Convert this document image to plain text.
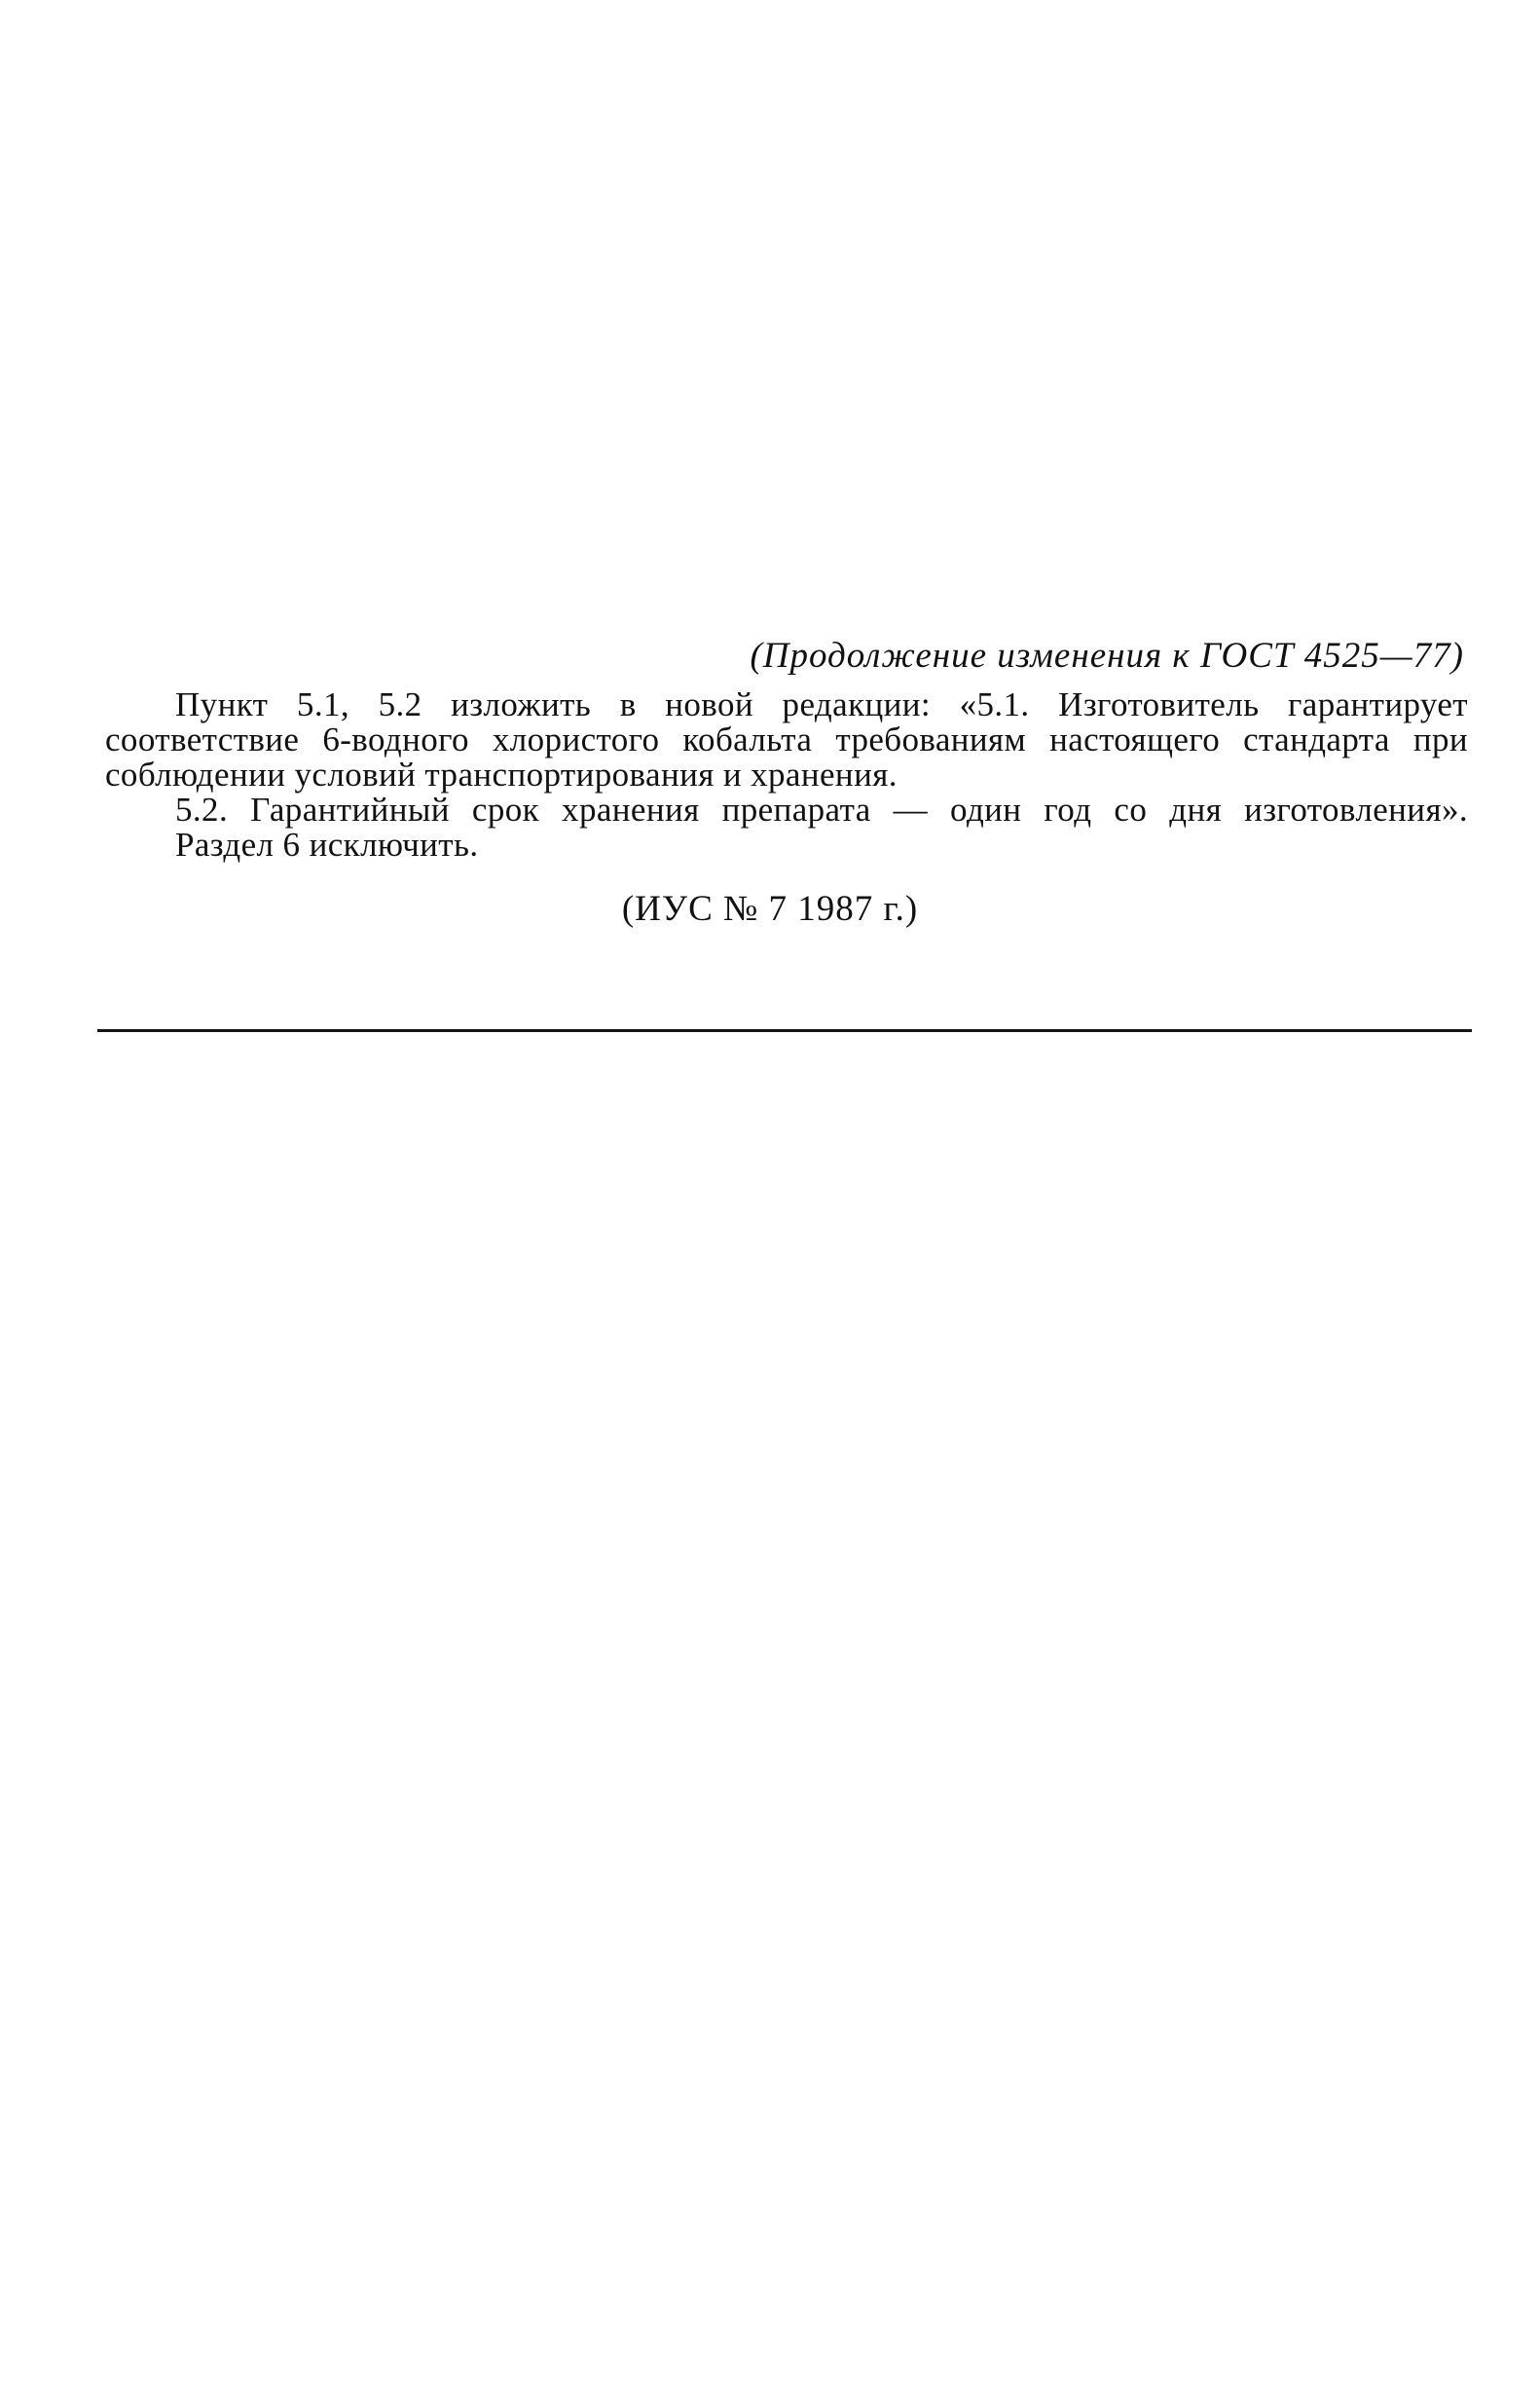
(Продолжение изменения к ГОСТ 4525—77)

Пункт 5.1, 5.2 изложить в новой редакции: «5.1. Изготовитель гарантирует соответствие 6-водного хлористого кобальта требованиям настоящего стандарта при соблюдении условий транспортирования и хранения.

5.2. Гарантийный срок хранения препарата — один год со дня изготовления».

Раздел 6 исключить.

(ИУС № 7 1987 г.)
